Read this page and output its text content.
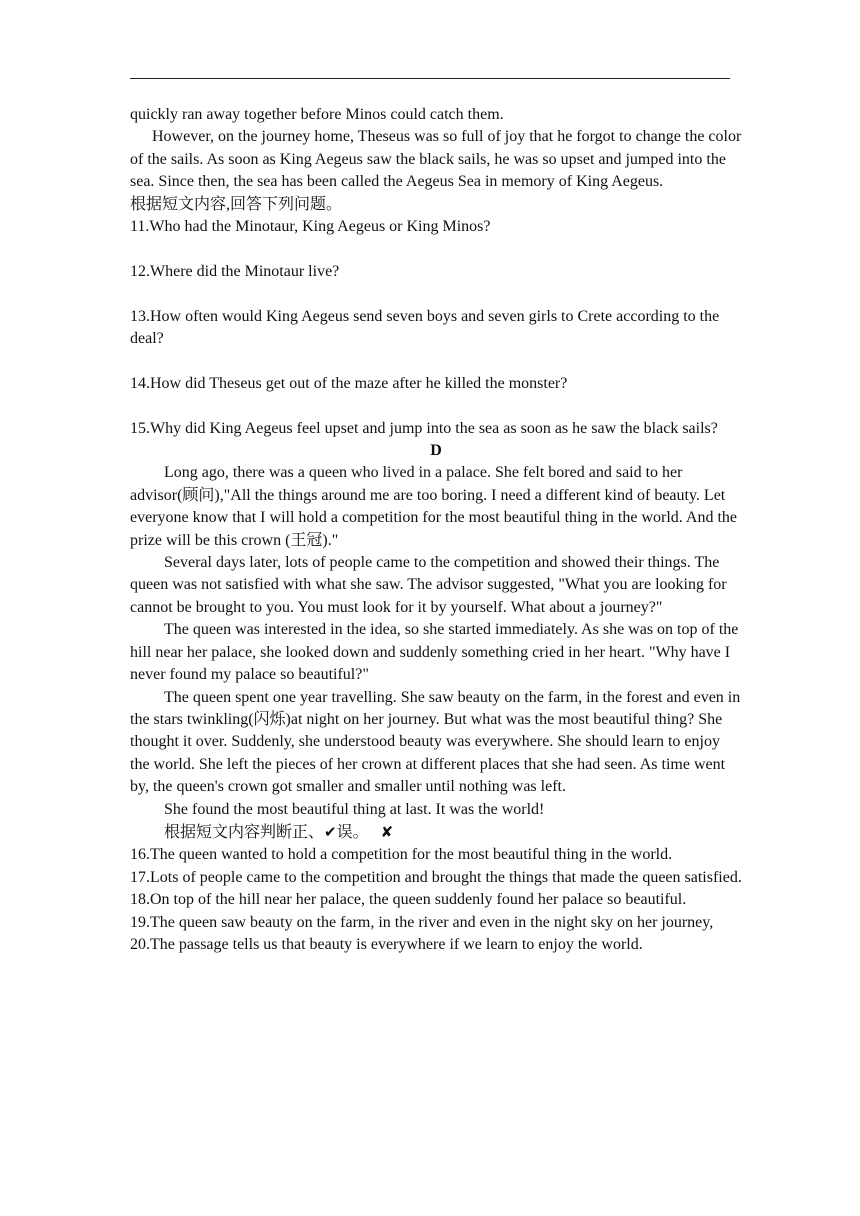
quickly ran away together before Minos could catch them.

However, on the journey home, Theseus was so full of joy that he forgot to change the color of the sails. As soon as King Aegeus saw the black sails, he was so upset and jumped into the sea. Since then, the sea has been called the Aegeus Sea in memory of King Aegeus.

根据短文内容,回答下列问题。

11.Who had the Minotaur, King Aegeus or King Minos?

12.Where did the Minotaur live?

13.How often would King Aegeus send seven boys and seven girls to Crete according to the deal?

14.How did Theseus get out of the maze after he killed the monster?

15.Why did King Aegeus feel upset and jump into the sea as soon as he saw the black sails?

D

Long ago, there was a queen who lived in a palace. She felt bored and said to her advisor(顾问),"All the things around me are too boring. I need a different kind of beauty. Let everyone know that I will hold a competition for the most beautiful thing in the world. And the prize will be this crown (王冠)."

Several days later, lots of people came to the competition and showed their things. The queen was not satisfied with what she saw. The advisor suggested, "What you are looking for cannot be brought to you. You must look for it by yourself. What about a journey?"

The queen was interested in the idea, so she started immediately. As she was on top of the hill near her palace, she looked down and suddenly something cried in her heart. "Why have I never found my palace so beautiful?"

The queen spent one year travelling. She saw beauty on the farm, in the forest and even in the stars twinkling(闪烁)at night on her journey. But what was the most beautiful thing? She thought it over. Suddenly, she understood beauty was everywhere. She should learn to enjoy the world. She left the pieces of her crown at different places that she had seen. As time went by, the queen's crown got smaller and smaller until nothing was left.

She found the most beautiful thing at last. It was the world!

根据短文内容判断正、✔误。 ✘

16.The queen wanted to hold a competition for the most beautiful thing in the world.

17.Lots of people came to the competition and brought the things that made the queen satisfied.

18.On top of the hill near her palace, the queen suddenly found her palace so beautiful.

19.The queen saw beauty on the farm, in the river and even in the night sky on her journey,

20.The passage tells us that beauty is everywhere if we learn to enjoy the world.
